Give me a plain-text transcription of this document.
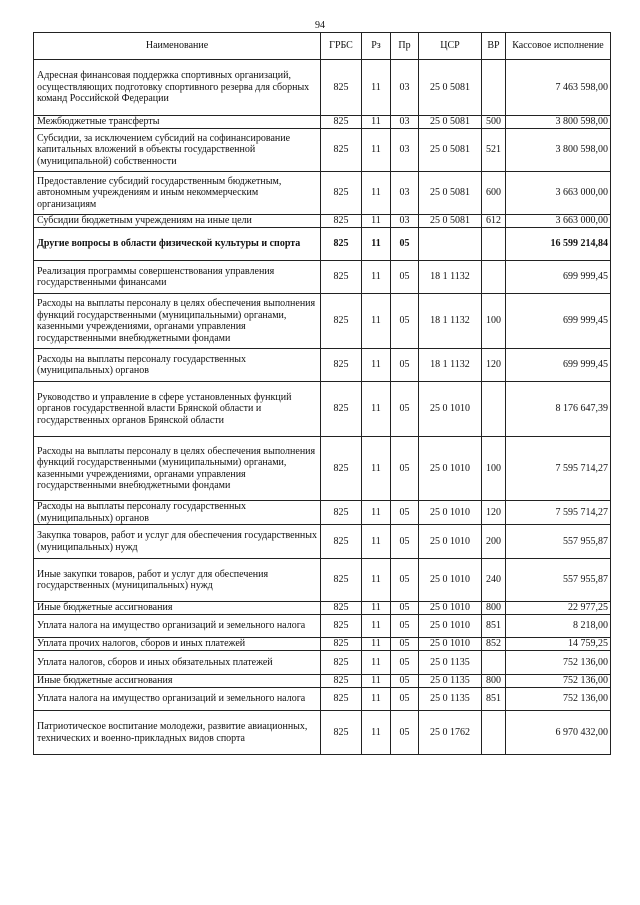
94
Наименование	ГРБС	Рз	Пр	ЦСР	ВР	Кассовое исполнение
Адресная финансовая поддержка спортивных организаций, осуществляющих подготовку спортивного резерва для сборных команд Российской Федерации	825	11	03	25 0 5081		7 463 598,00
Межбюджетные трансферты	825	11	03	25 0 5081	500	3 800 598,00
Субсидии, за исключением субсидий на софинансирование капитальных вложений в объекты государственной (муниципальной) собственности	825	11	03	25 0 5081	521	3 800 598,00
Предоставление субсидий государственным бюджетным, автономным учреждениям и иным некоммерческим организациям	825	11	03	25 0 5081	600	3 663 000,00
Субсидии бюджетным учреждениям на иные цели	825	11	03	25 0 5081	612	3 663 000,00
Другие вопросы в области физической культуры и спорта	825	11	05			16 599 214,84
Реализация программы совершенствования управления государственными финансами	825	11	05	18 1 1132		699 999,45
Расходы на выплаты персоналу в целях обеспечения выполнения функций государственными (муниципальными) органами, казенными учреждениями, органами управления государственными внебюджетными фондами	825	11	05	18 1 1132	100	699 999,45
Расходы на выплаты персоналу государственных (муниципальных) органов	825	11	05	18 1 1132	120	699 999,45
Руководство и управление в сфере установленных функций органов государственной власти Брянской области и государственных органов Брянской области	825	11	05	25 0 1010		8 176 647,39
Расходы на выплаты персоналу в целях обеспечения выполнения функций государственными (муниципальными) органами, казенными учреждениями, органами управления государственными внебюджетными фондами	825	11	05	25 0 1010	100	7 595 714,27
Расходы на выплаты персоналу государственных (муниципальных) органов	825	11	05	25 0 1010	120	7 595 714,27
Закупка товаров, работ и услуг для обеспечения государственных (муниципальных) нужд	825	11	05	25 0 1010	200	557 955,87
Иные закупки товаров, работ и услуг для обеспечения государственных (муниципальных) нужд	825	11	05	25 0 1010	240	557 955,87
Иные бюджетные ассигнования	825	11	05	25 0 1010	800	22 977,25
Уплата налога на имущество организаций и земельного налога	825	11	05	25 0 1010	851	8 218,00
Уплата прочих налогов, сборов и иных платежей	825	11	05	25 0 1010	852	14 759,25
Уплата налогов, сборов и иных обязательных платежей	825	11	05	25 0 1135		752 136,00
Иные бюджетные ассигнования	825	11	05	25 0 1135	800	752 136,00
Уплата налога на имущество организаций и земельного налога	825	11	05	25 0 1135	851	752 136,00
Патриотическое воспитание молодежи, развитие авиационных, технических и военно-прикладных видов спорта	825	11	05	25 0 1762		6 970 432,00
